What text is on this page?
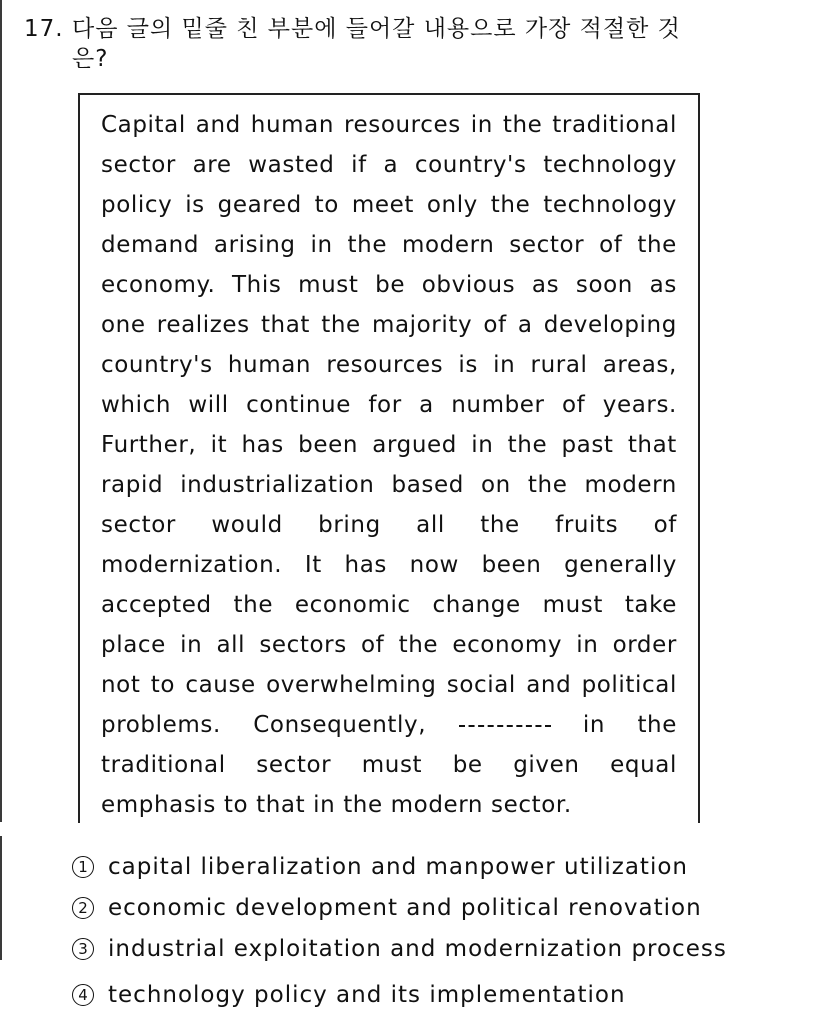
17. 다음 글의 밑줄 친 부분에 들어갈 내용으로 가장 적절한 것
은?
Capital and human resources in the traditional
sector are wasted if a country's technology
policy is geared to meet only the technology
demand arising in the modern sector of the
economy. This must be obvious as soon as
one realizes that the majority of a developing
country's human resources is in rural areas,
which will continue for a number of years.
Further, it has been argued in the past that
rapid industrialization based on the modern
sector would bring all the fruits of
modernization. It has now been generally
accepted the economic change must take
place in all sectors of the economy in order
not to cause overwhelming social and political
problems. Consequently,	in the
traditional sector must be given equal
emphasis to that in the modern sector.
1 capital liberalization and manpower utilization
2 economic development and political renovation
3 industrial exploitation and modernization process
4 technology policy and its implementation
